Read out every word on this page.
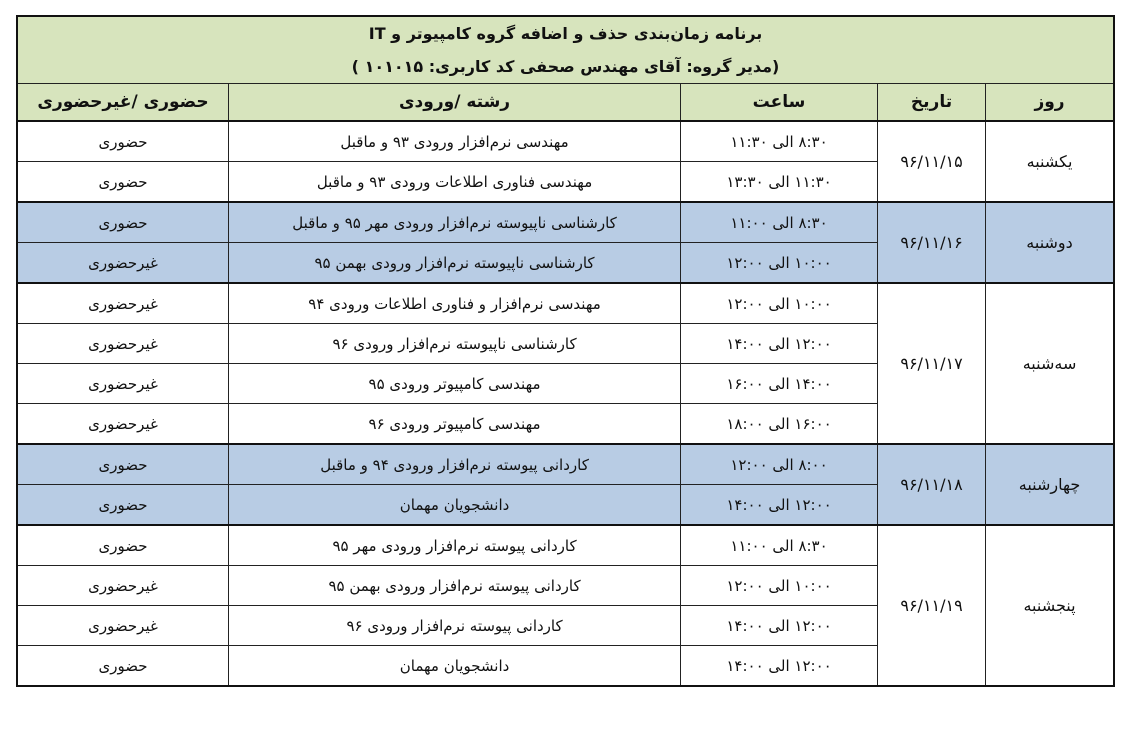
برنامه زمان‌بندی حذف و اضافه گروه کامپیوتر و IT				
(مدیر گروه: آقای مهندس صحفی کد کاربری: ۱۰۱۰۱۵ )				
روز	تاریخ	ساعت	رشته /ورودی	حضوری /غیرحضوری
یکشنبه	۹۶/۱۱/۱۵	۸:۳۰ الی ۱۱:۳۰	مهندسی نرم‌افزار ورودی ۹۳ و ماقبل	حضوری
		۱۱:۳۰ الی ۱۳:۳۰	مهندسی فناوری اطلاعات ورودی ۹۳ و ماقبل	حضوری
دوشنبه	۹۶/۱۱/۱۶	۸:۳۰ الی ۱۱:۰۰	کارشناسی ناپیوسته نرم‌افزار ورودی مهر ۹۵ و ماقبل	حضوری
		۱۰:۰۰ الی ۱۲:۰۰	کارشناسی ناپیوسته نرم‌افزار ورودی بهمن ۹۵	غیرحضوری
سه‌شنبه	۹۶/۱۱/۱۷	۱۰:۰۰ الی ۱۲:۰۰	مهندسی نرم‌افزار و فناوری اطلاعات ورودی ۹۴	غیرحضوری
		۱۲:۰۰ الی ۱۴:۰۰	کارشناسی ناپیوسته نرم‌افزار ورودی ۹۶	غیرحضوری
		۱۴:۰۰ الی ۱۶:۰۰	مهندسی کامپیوتر ورودی ۹۵	غیرحضوری
		۱۶:۰۰ الی ۱۸:۰۰	مهندسی کامپیوتر ورودی ۹۶	غیرحضوری
چهارشنبه	۹۶/۱۱/۱۸	۸:۰۰ الی ۱۲:۰۰	کاردانی پیوسته نرم‌افزار ورودی ۹۴ و ماقبل	حضوری
		۱۲:۰۰ الی ۱۴:۰۰	دانشجویان مهمان	حضوری
پنجشنبه	۹۶/۱۱/۱۹	۸:۳۰ الی ۱۱:۰۰	کاردانی پیوسته نرم‌افزار ورودی مهر ۹۵	حضوری
		۱۰:۰۰ الی ۱۲:۰۰	کاردانی پیوسته نرم‌افزار ورودی بهمن ۹۵	غیرحضوری
		۱۲:۰۰ الی ۱۴:۰۰	کاردانی پیوسته نرم‌افزار ورودی ۹۶	غیرحضوری
		۱۲:۰۰ الی ۱۴:۰۰	دانشجویان مهمان	حضوری
